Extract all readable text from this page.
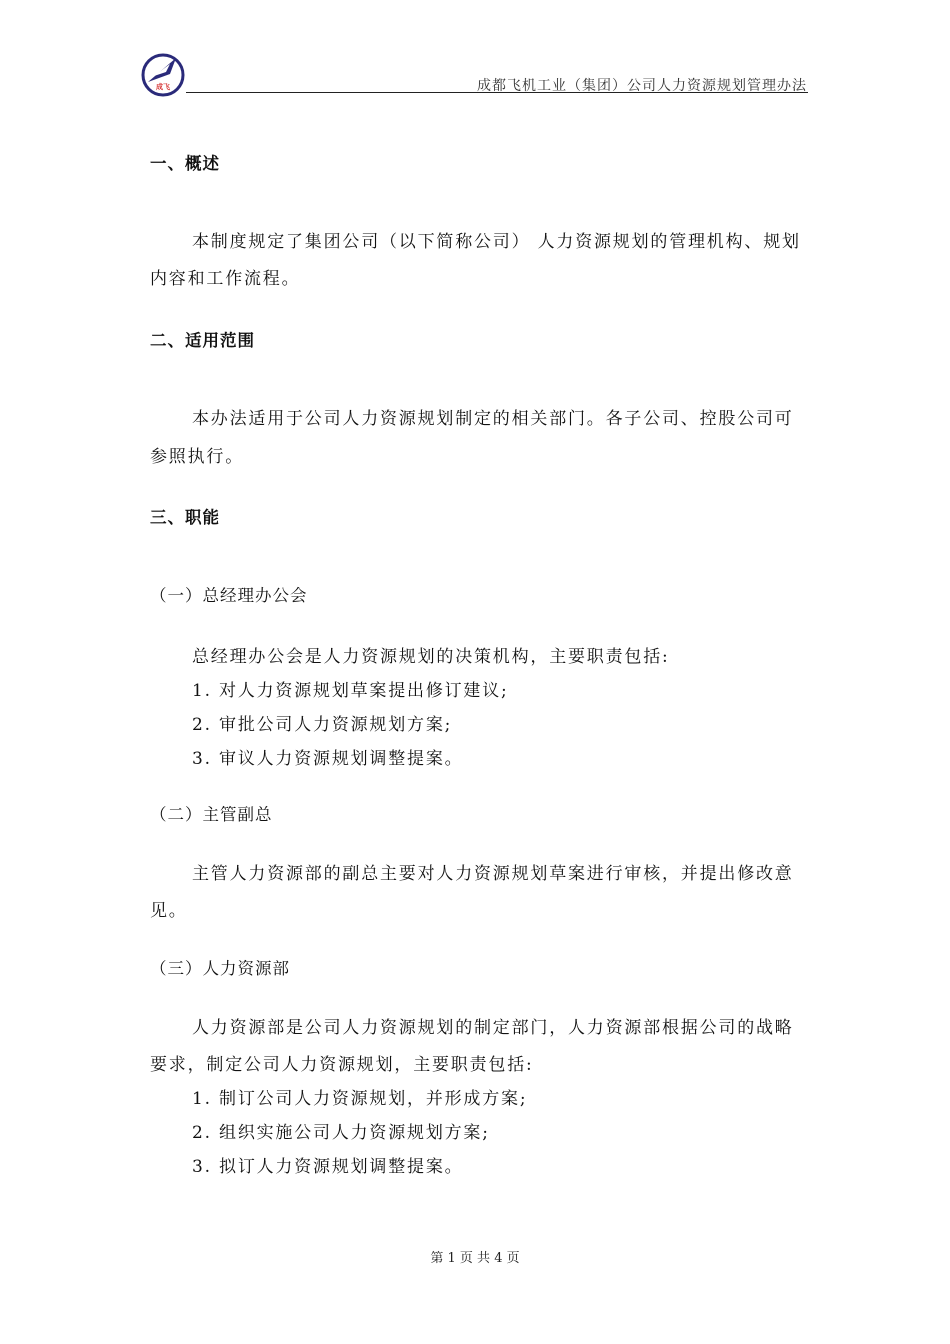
成飞	成都飞机工业（集团）公司人力资源规划管理办法
一、概述
本制度规定了集团公司（以下简称公司） 人力资源规划的管理机构、规划
内容和工作流程。
二、适用范围
本办法适用于公司人力资源规划制定的相关部门。各子公司、控股公司可
参照执行。
三、职能
（一）总经理办公会
总经理办公会是人力资源规划的决策机构，主要职责包括:
1. 对人力资源规划草案提出修订建议;
2. 审批公司人力资源规划方案;
3. 审议人力资源规划调整提案。
（二）主管副总
主管人力资源部的副总主要对人力资源规划草案进行审核，并提出修改意
见。
（三）人力资源部
人力资源部是公司人力资源规划的制定部门，人力资源部根据公司的战略
要求，制定公司人力资源规划，主要职责包括:
1. 制订公司人力资源规划，并形成方案;
2. 组织实施公司人力资源规划方案;
3. 拟订人力资源规划调整提案。
第 1 页 共 4 页
